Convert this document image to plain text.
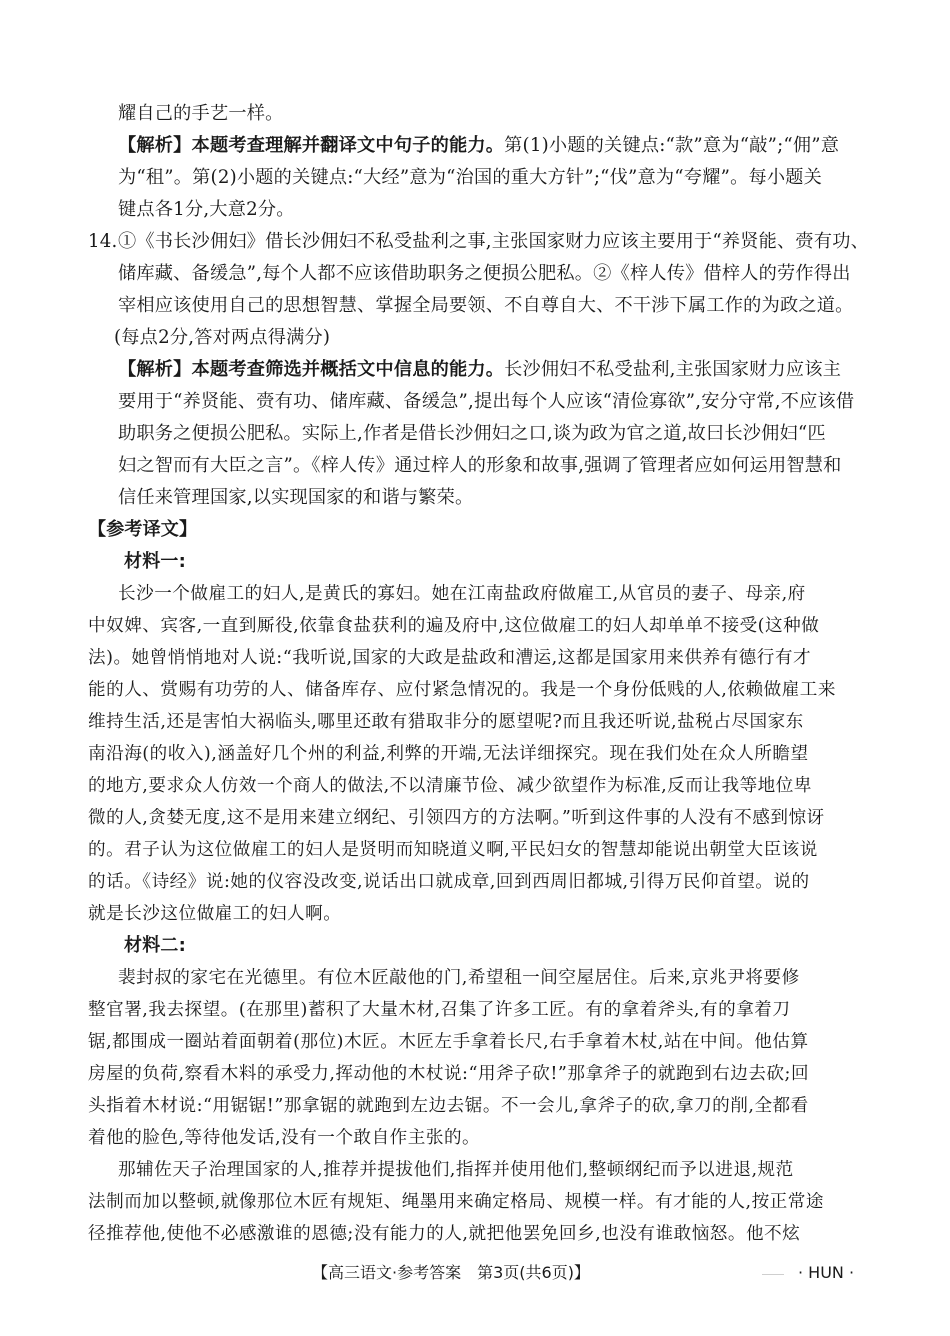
耀自己的手艺一样。
【解析】本题考查理解并翻译文中句子的能力。第(1)小题的关键点:“款”意为“敲”;“佣”意
为“租”。第(2)小题的关键点:“大经”意为“治国的重大方针”;“伐”意为“夸耀”。每小题关
键点各1分,大意2分。
14. ①《书长沙佣妇》借长沙佣妇不私受盐利之事,主张国家财力应该主要用于“养贤能、赍有功、
储库藏、备缓急”,每个人都不应该借助职务之便损公肥私。②《梓人传》借梓人的劳作得出
宰相应该使用自己的思想智慧、掌握全局要领、不自尊自大、不干涉下属工作的为政之道。
(每点2分,答对两点得满分)
【解析】本题考查筛选并概括文中信息的能力。长沙佣妇不私受盐利,主张国家财力应该主
要用于“养贤能、赍有功、储库藏、备缓急”,提出每个人应该“清俭寡欲”,安分守常,不应该借
助职务之便损公肥私。实际上,作者是借长沙佣妇之口,谈为政为官之道,故曰长沙佣妇“匹
妇之智而有大臣之言”。《梓人传》通过梓人的形象和故事,强调了管理者应如何运用智慧和
信任来管理国家,以实现国家的和谐与繁荣。
【参考译文】
材料一:
长沙一个做雇工的妇人,是黄氏的寡妇。她在江南盐政府做雇工,从官员的妻子、母亲,府
中奴婢、宾客,一直到厮役,依靠食盐获利的遍及府中,这位做雇工的妇人却单单不接受(这种做
法)。她曾悄悄地对人说:“我听说,国家的大政是盐政和漕运,这都是国家用来供养有德行有才
能的人、赏赐有功劳的人、储备库存、应付紧急情况的。我是一个身份低贱的人,依赖做雇工来
维持生活,还是害怕大祸临头,哪里还敢有猎取非分的愿望呢?而且我还听说,盐税占尽国家东
南沿海(的收入),涵盖好几个州的利益,利弊的开端,无法详细探究。现在我们处在众人所瞻望
的地方,要求众人仿效一个商人的做法,不以清廉节俭、减少欲望作为标准,反而让我等地位卑
微的人,贪婪无度,这不是用来建立纲纪、引领四方的方法啊。”听到这件事的人没有不感到惊讶
的。君子认为这位做雇工的妇人是贤明而知晓道义啊,平民妇女的智慧却能说出朝堂大臣该说
的话。《诗经》说:她的仪容没改变,说话出口就成章,回到西周旧都城,引得万民仰首望。说的
就是长沙这位做雇工的妇人啊。
材料二:
裴封叔的家宅在光德里。有位木匠敲他的门,希望租一间空屋居住。后来,京兆尹将要修
整官署,我去探望。(在那里)蓄积了大量木材,召集了许多工匠。有的拿着斧头,有的拿着刀
锯,都围成一圈站着面朝着(那位)木匠。木匠左手拿着长尺,右手拿着木杖,站在中间。他估算
房屋的负荷,察看木料的承受力,挥动他的木杖说:“用斧子砍!”那拿斧子的就跑到右边去砍;回
头指着木材说:“用锯锯!”那拿锯的就跑到左边去锯。不一会儿,拿斧子的砍,拿刀的削,全都看
着他的脸色,等待他发话,没有一个敢自作主张的。
那辅佐天子治理国家的人,推荐并提拔他们,指挥并使用他们,整顿纲纪而予以进退,规范
法制而加以整顿,就像那位木匠有规矩、绳墨用来确定格局、规模一样。有才能的人,按正常途
径推荐他,使他不必感激谁的恩德;没有能力的人,就把他罢免回乡,也没有谁敢恼怒。他不炫
【高三语文·参考答案　第3页(共6页)】	· HUN ·
